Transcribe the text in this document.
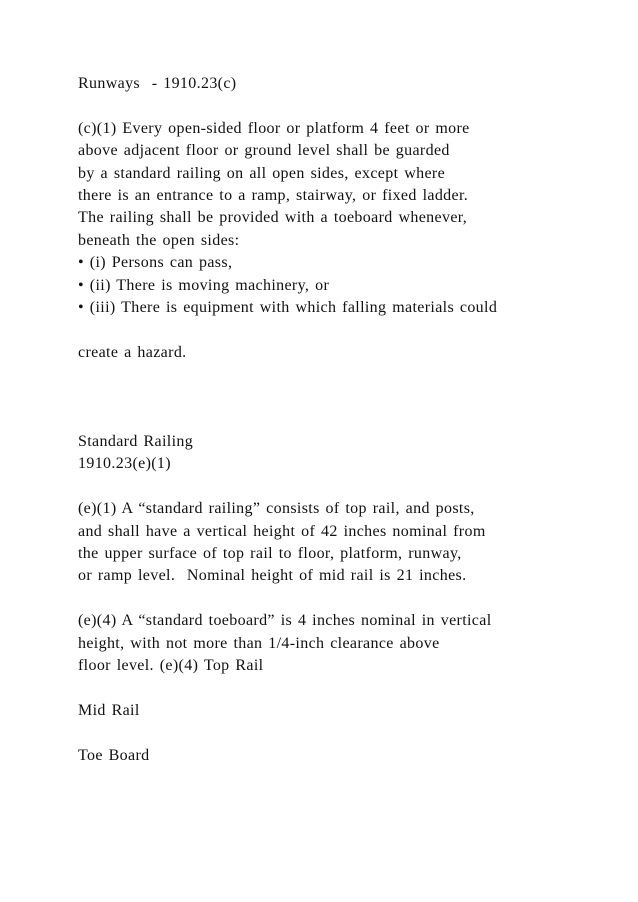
Runways  - 1910.23(c)
(c)(1) Every open-sided floor or platform 4 feet or more
above adjacent floor or ground level shall be guarded
by a standard railing on all open sides, except where
there is an entrance to a ramp, stairway, or fixed ladder.
The railing shall be provided with a toeboard whenever,
beneath the open sides:
• (i) Persons can pass,
• (ii) There is moving machinery, or
• (iii) There is equipment with which falling materials could
create a hazard.
Standard Railing
1910.23(e)(1)
(e)(1) A “standard railing” consists of top rail, and posts,
and shall have a vertical height of 42 inches nominal from
the upper surface of top rail to floor, platform, runway,
or ramp level.  Nominal height of mid rail is 21 inches.
(e)(4) A “standard toeboard” is 4 inches nominal in vertical
height, with not more than 1/4-inch clearance above
floor level. (e)(4) Top Rail
Mid Rail
Toe Board
